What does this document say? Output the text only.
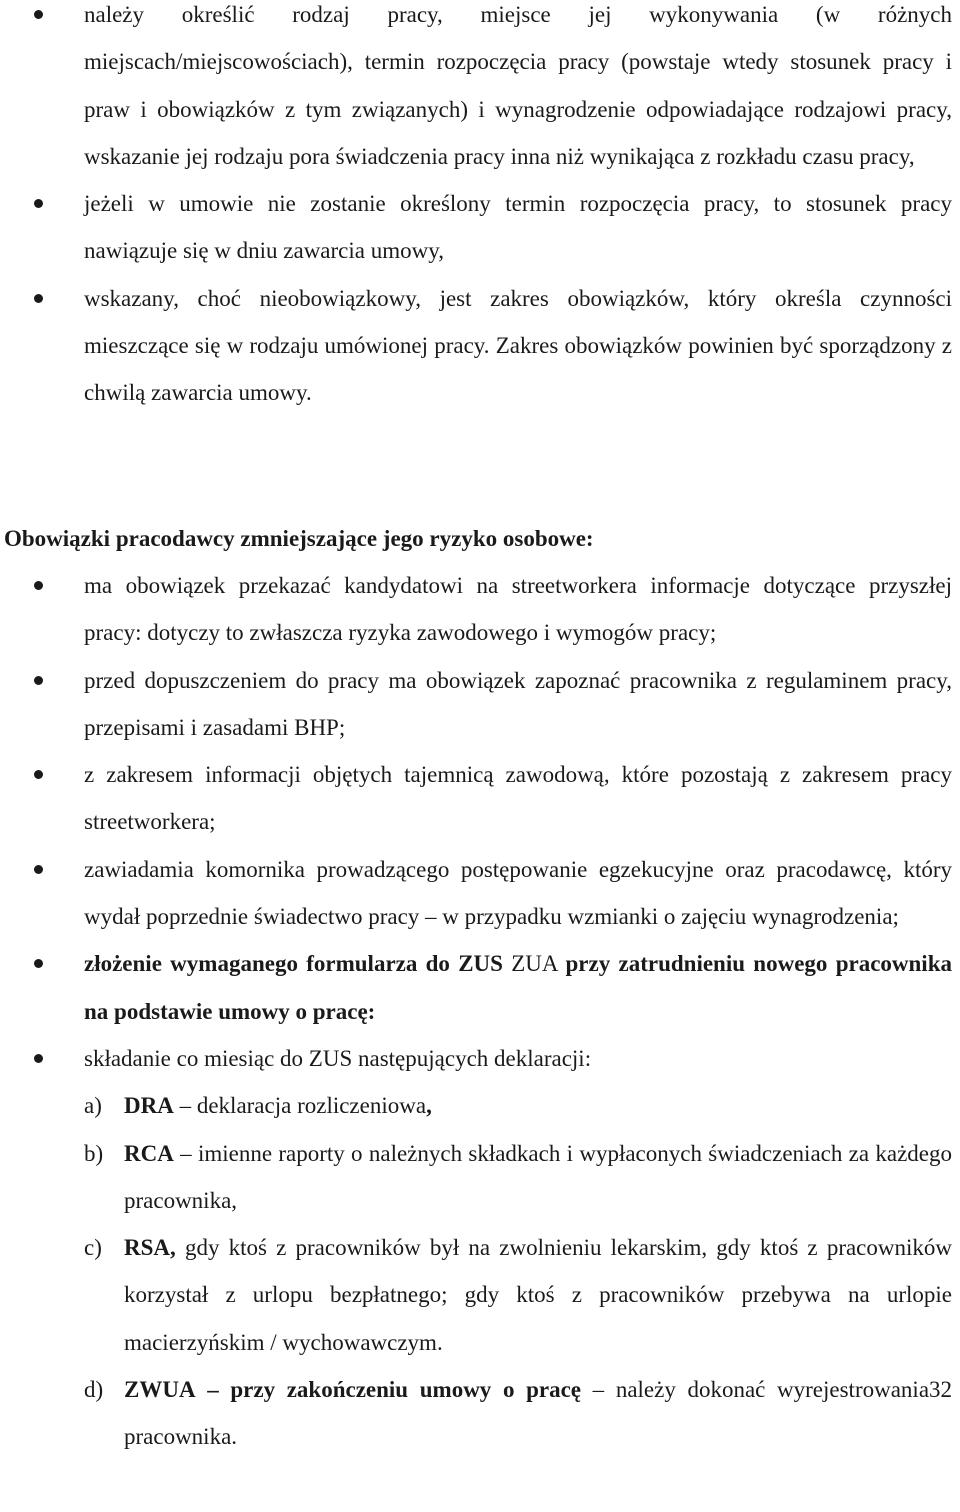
należy określić rodzaj pracy, miejsce jej wykonywania (w różnych miejscach/miejscowościach), termin rozpoczęcia pracy (powstaje wtedy stosunek pracy i praw i obowiązków z tym związanych) i wynagrodzenie odpowiadające rodzajowi pracy, wskazanie jej rodzaju pora świadczenia pracy inna niż wynikająca z rozkładu czasu pracy,
jeżeli w umowie nie zostanie określony termin rozpoczęcia pracy, to stosunek pracy nawiązuje się w dniu zawarcia umowy,
wskazany, choć nieobowiązkowy, jest zakres obowiązków, który określa czynności mieszczące się w rodzaju umówionej pracy. Zakres obowiązków powinien być sporządzony z chwilą zawarcia umowy.
Obowiązki pracodawcy zmniejszające jego ryzyko osobowe:
ma obowiązek przekazać kandydatowi na streetworkera informacje dotyczące przyszłej pracy: dotyczy to zwłaszcza ryzyka zawodowego i wymogów pracy;
przed dopuszczeniem do pracy ma obowiązek zapoznać pracownika z regulaminem pracy, przepisami i zasadami BHP;
z zakresem informacji objętych tajemnicą zawodową, które pozostają z zakresem pracy streetworkera;
zawiadamia komornika prowadzącego postępowanie egzekucyjne oraz pracodawcę, który wydał poprzednie świadectwo pracy – w przypadku wzmianki o zajęciu wynagrodzenia;
złożenie wymaganego formularza do ZUS ZUA przy zatrudnieniu nowego pracownika na podstawie umowy o pracę:
składanie co miesiąc do ZUS następujących deklaracji:
a) DRA – deklaracja rozliczeniowa,
b) RCA – imienne raporty o należnych składkach i wypłaconych świadczeniach za każdego pracownika,
c) RSA, gdy ktoś z pracowników był na zwolnieniu lekarskim, gdy ktoś z pracowników korzystał z urlopu bezpłatnego; gdy ktoś z pracowników przebywa na urlopie macierzyńskim / wychowawczym.
d) ZWUA – przy zakończeniu umowy o pracę – należy dokonać wyrejestrowania32 pracownika.
